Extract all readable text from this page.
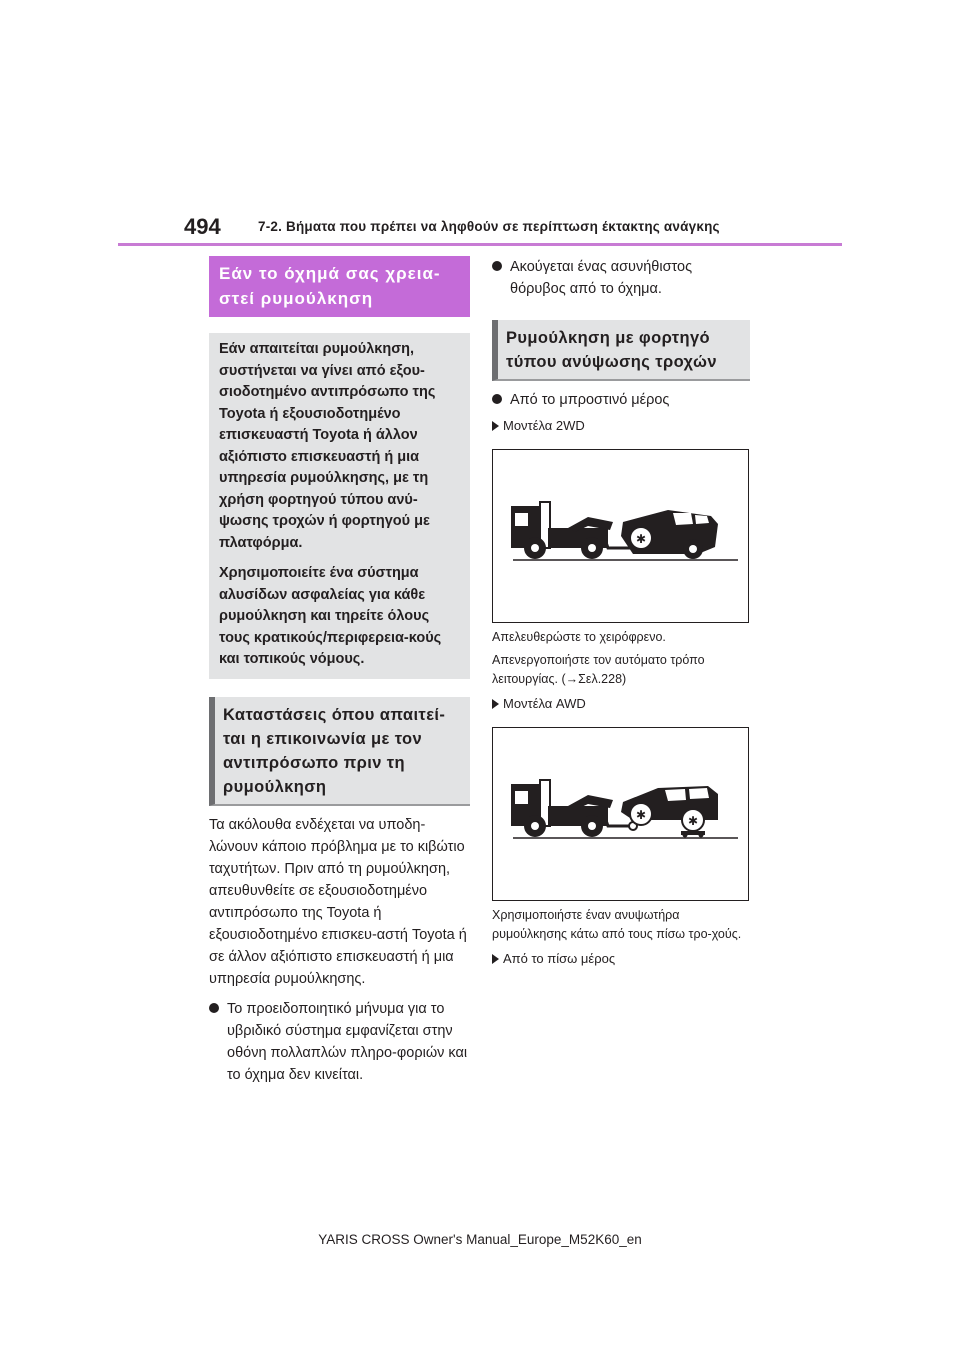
494	7-2. Βήματα που πρέπει να ληφθούν σε περίπτωση έκτακτης ανάγκης
Εάν το όχημά σας χρεια-στεί ρυμούλκηση

Εάν απαιτείται ρυμούλκηση, συστήνεται να γίνει από εξου-σιοδοτημένο αντιπρόσωπο της Toyota ή εξουσιοδοτημένο επισκευαστή Toyota ή άλλον αξιόπιστο επισκευαστή ή μια υπηρεσία ρυμούλκησης, με τη χρήση φορτηγού τύπου ανύ-ψωσης τροχών ή φορτηγού με πλατφόρμα.

Χρησιμοποιείτε ένα σύστημα αλυσίδων ασφαλείας για κάθε ρυμούλκηση και τηρείτε όλους τους κρατικούς/περιφερεια-κούς και τοπικούς νόμους.

Καταστάσεις όπου απαιτεί-ται η επικοινωνία με τον αντιπρόσωπο πριν τη ρυμούλκηση

Τα ακόλουθα ενδέχεται να υποδη-λώνουν κάποιο πρόβλημα με το κιβώτιο ταχυτήτων. Πριν από τη ρυμούλκηση, απευθυνθείτε σε εξουσιοδοτημένο αντιπρόσωπο της Toyota ή εξουσιοδοτημένο επισκευ-αστή Toyota ή σε άλλον αξιόπιστο επισκευαστή ή μια υπηρεσία ρυμούλκησης.

Το προειδοποιητικό μήνυμα για το υβριδικό σύστημα εμφανίζεται στην οθόνη πολλαπλών πληρο-φοριών και το όχημα δεν κινείται.
Ακούγεται ένας ασυνήθιστος θόρυβος από το όχημα.
Ρυμούλκηση με φορτηγό τύπου ανύψωσης τροχών
Από το μπροστινό μέρος
Μοντέλα 2WD
✱

Απελευθερώστε το χειρόφρενο.

Απενεργοποιήστε τον αυτόματο τρόπο λειτουργίας. (→Σελ.228)

Μοντέλα AWD
✱	✱

Χρησιμοποιήστε έναν ανυψωτήρα ρυμούλκησης κάτω από τους πίσω τρο-χούς.

Από το πίσω μέρος
YARIS CROSS Owner's Manual_Europe_M52K60_en
